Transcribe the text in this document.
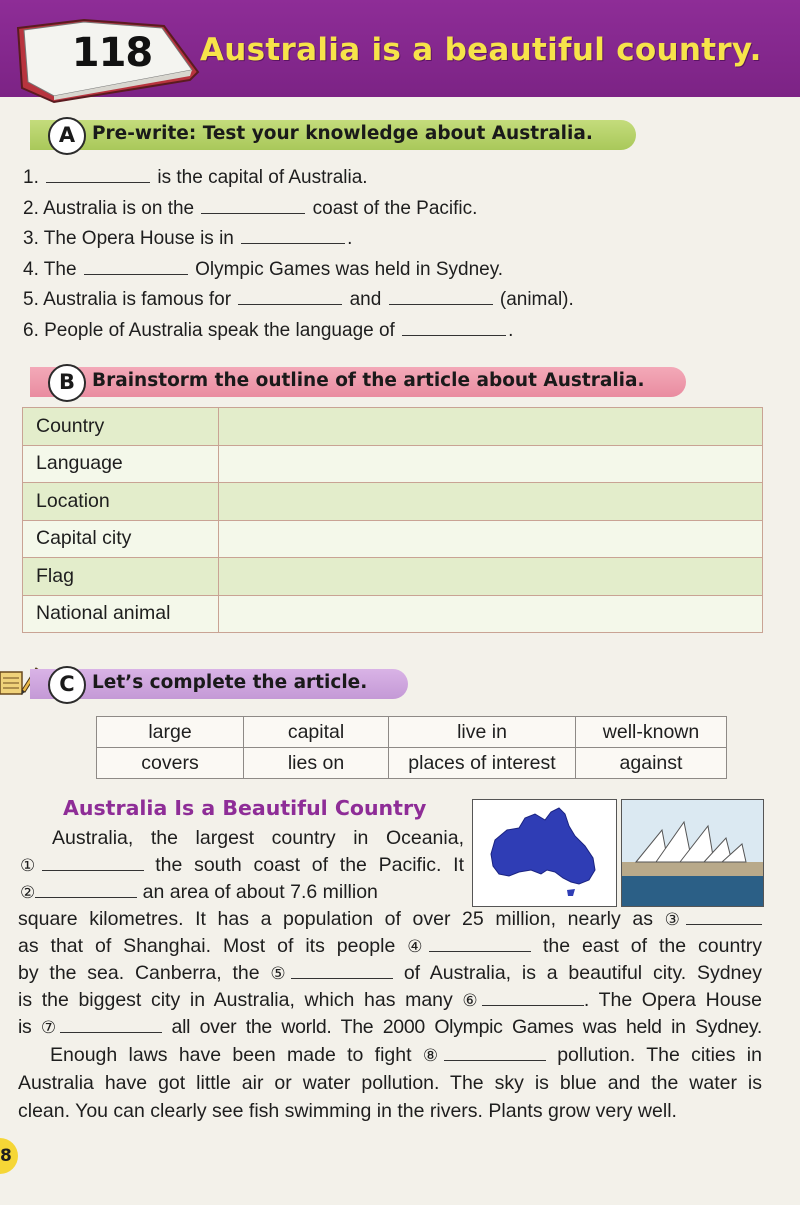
118	Australia is a beautiful country.
A Pre-write: Test your knowledge about Australia.
1.	is the capital of Australia.
2. Australia is on the	coast of the Pacific.
3. The Opera House is in	.
4. The	Olympic Games was held in Sydney.
5. Australia is famous for	and	(animal).
6. People of Australia speak the language of	.
B Brainstorm the outline of the article about Australia.
Country	
Language	
Location	
Capital city	
Flag	
National animal	
C Let’s complete the article.
large	capital	live in	well-known
covers	lies on	places of interest	against
Australia Is a Beautiful Country
Australia, the largest country in Oceania,
①	the south coast of the Pacific. It
②	an area of about 7.6 million
square kilometres. It has a population of over 25 million, nearly as ③
as that of Shanghai. Most of its people ④	the east of the country
by the sea. Canberra, the ⑤	of Australia, is a beautiful city. Sydney
is the biggest city in Australia, which has many ⑥	. The Opera House
is ⑦	all over the world. The 2000 Olympic Games was held in Sydney.
Enough laws have been made to fight ⑧	pollution. The cities in
Australia have got little air or water pollution. The sky is blue and the water is
clean. You can clearly see fish swimming in the rivers. Plants grow very well.
8
